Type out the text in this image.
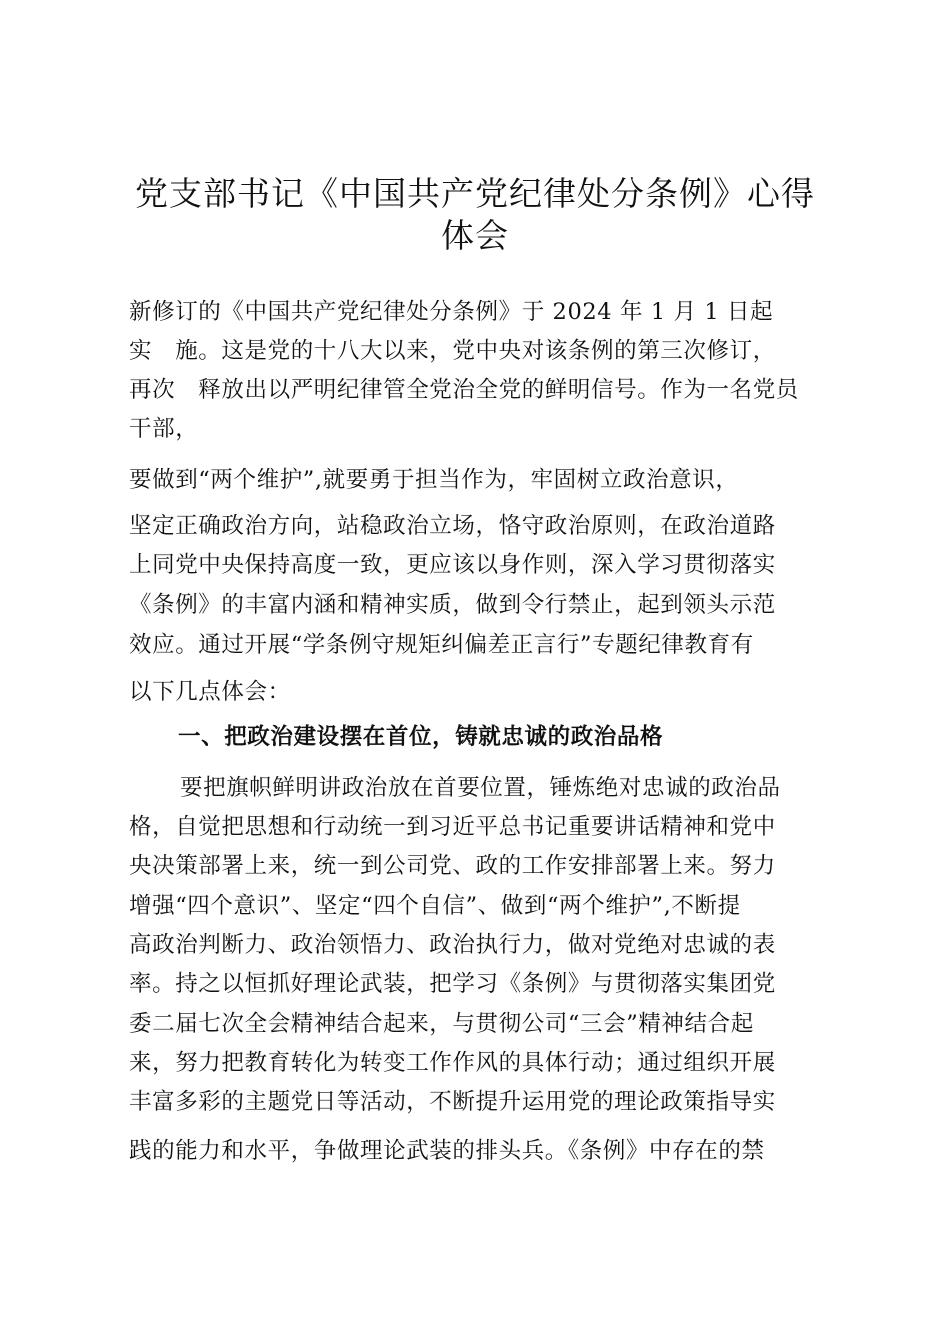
党支部书记《中国共产党纪律处分条例》心得
体会
新修订的《中国共产党纪律处分条例》于 2024 年 1 月 1 日起
实　施。这是党的十八大以来，党中央对该条例的第三次修订，
再次　释放出以严明纪律管全党治全党的鲜明信号。作为一名党员
干部，
要做到“两个维护”,就要勇于担当作为，牢固树立政治意识，
坚定正确政治方向，站稳政治立场，恪守政治原则，在政治道路
上同党中央保持高度一致，更应该以身作则，深入学习贯彻落实
《条例》的丰富内涵和精神实质，做到令行禁止，起到领头示范
效应。通过开展“学条例守规矩纠偏差正言行”专题纪律教育有
以下几点体会：
一、把政治建设摆在首位，铸就忠诚的政治品格
要把旗帜鲜明讲政治放在首要位置，锤炼绝对忠诚的政治品
格，自觉把思想和行动统一到习近平总书记重要讲话精神和党中
央决策部署上来，统一到公司党、政的工作安排部署上来。努力
增强“四个意识”、坚定“四个自信”、做到“两个维护”,不断提
高政治判断力、政治领悟力、政治执行力，做对党绝对忠诚的表
率。持之以恒抓好理论武装，把学习《条例》与贯彻落实集团党
委二届七次全会精神结合起来，与贯彻公司“三会”精神结合起
来，努力把教育转化为转变工作作风的具体行动；通过组织开展
丰富多彩的主题党日等活动，不断提升运用党的理论政策指导实
践的能力和水平，争做理论武装的排头兵。《条例》中存在的禁
